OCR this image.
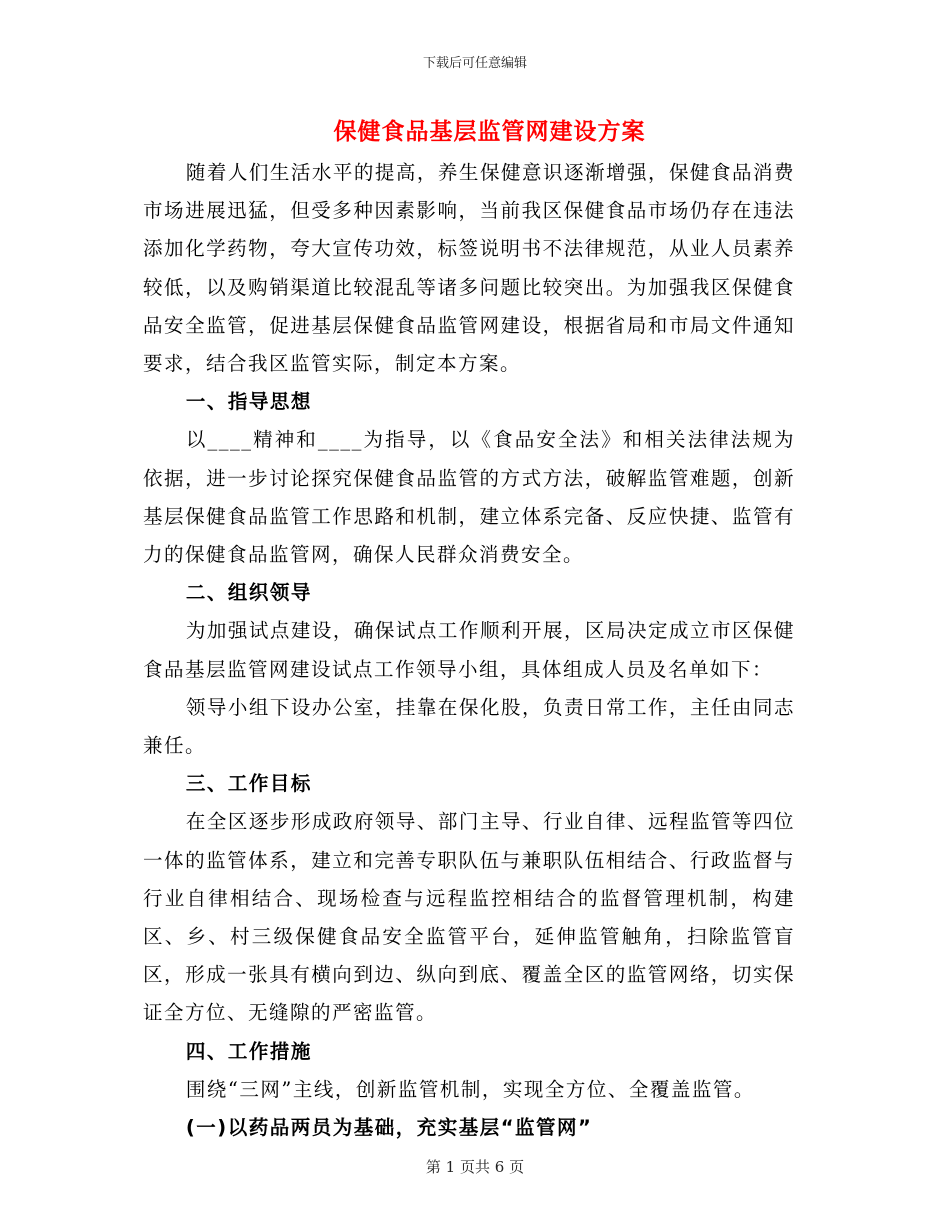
下载后可任意编辑
保健食品基层监管网建设方案

随着人们生活水平的提高，养生保健意识逐渐增强，保健食品消费市场进展迅猛，但受多种因素影响，当前我区保健食品市场仍存在违法添加化学药物，夸大宣传功效，标签说明书不法律规范，从业人员素养较低，以及购销渠道比较混乱等诸多问题比较突出。为加强我区保健食品安全监管，促进基层保健食品监管网建设，根据省局和市局文件通知要求，结合我区监管实际，制定本方案。

一、指导思想

以____精神和____为指导，以《食品安全法》和相关法律法规为依据，进一步讨论探究保健食品监管的方式方法，破解监管难题，创新基层保健食品监管工作思路和机制，建立体系完备、反应快捷、监管有力的保健食品监管网，确保人民群众消费安全。

二、组织领导

为加强试点建设，确保试点工作顺利开展，区局决定成立市区保健食品基层监管网建设试点工作领导小组，具体组成人员及名单如下：

领导小组下设办公室，挂靠在保化股，负责日常工作，主任由同志兼任。

三、工作目标

在全区逐步形成政府领导、部门主导、行业自律、远程监管等四位一体的监管体系，建立和完善专职队伍与兼职队伍相结合、行政监督与行业自律相结合、现场检查与远程监控相结合的监督管理机制，构建区、乡、村三级保健食品安全监管平台，延伸监管触角，扫除监管盲区，形成一张具有横向到边、纵向到底、覆盖全区的监管网络，切实保证全方位、无缝隙的严密监管。

四、工作措施

围绕“三网”主线，创新监管机制，实现全方位、全覆盖监管。

(一)以药品两员为基础，充实基层“监管网”

第 1 页共 6 页
